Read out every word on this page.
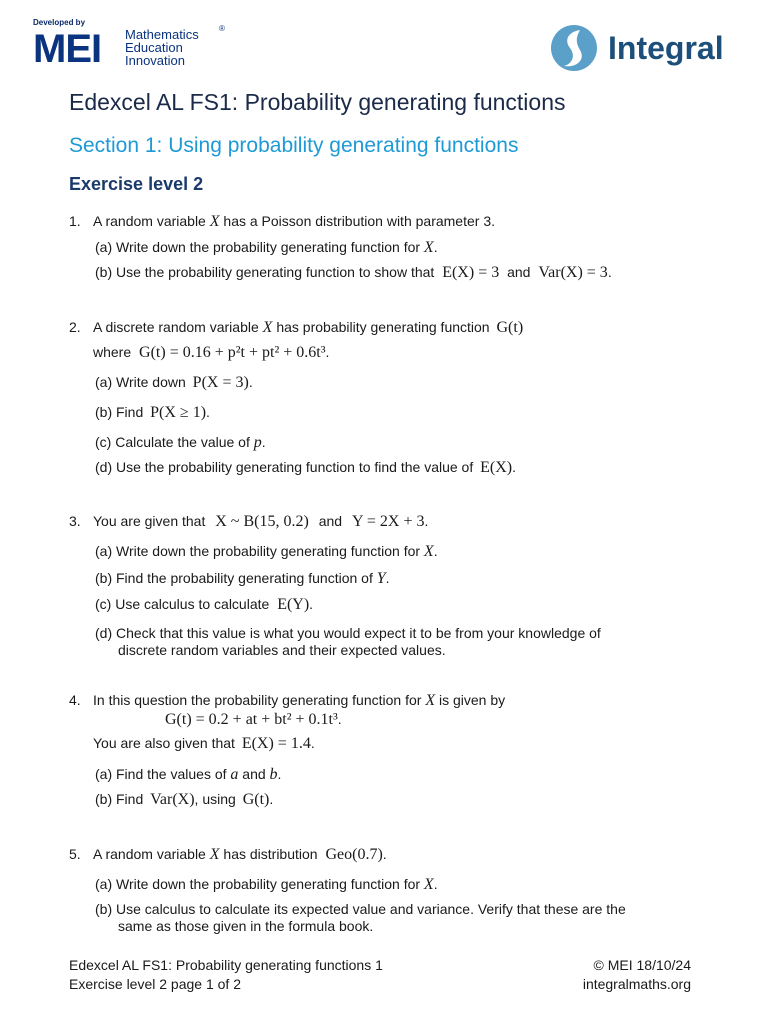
Developed by
MEI Mathematics
Education
Innovation
®
Integral
Edexcel AL FS1: Probability generating functions
Section 1: Using probability generating functions
Exercise level 2
1. A random variable X has a Poisson distribution with parameter 3.
(a) Write down the probability generating function for X.
(b) Use the probability generating function to show that E(X) = 3 and Var(X) = 3.
2. A discrete random variable X has probability generating function G(t)
where G(t) = 0.16 + p²t + pt² + 0.6t³.
(a) Write down P(X = 3).
(b) Find P(X ≥ 1).
(c) Calculate the value of p.
(d) Use the probability generating function to find the value of E(X).
3. You are given that X ~ B(15, 0.2) and Y = 2X + 3.
(a) Write down the probability generating function for X.
(b) Find the probability generating function of Y.
(c) Use calculus to calculate E(Y).
(d) Check that this value is what you would expect it to be from your knowledge of
discrete random variables and their expected values.
4. In this question the probability generating function for X is given by
G(t) = 0.2 + at + bt² + 0.1t³.
You are also given that E(X) = 1.4.
(a) Find the values of a and b.
(b) Find Var(X), using G(t).
5. A random variable X has distribution Geo(0.7).
(a) Write down the probability generating function for X.
(b) Use calculus to calculate its expected value and variance. Verify that these are the
same as those given in the formula book.
Edexcel AL FS1: Probability generating functions 1
Exercise level 2 page 1 of 2
© MEI 18/10/24
integralmaths.org
